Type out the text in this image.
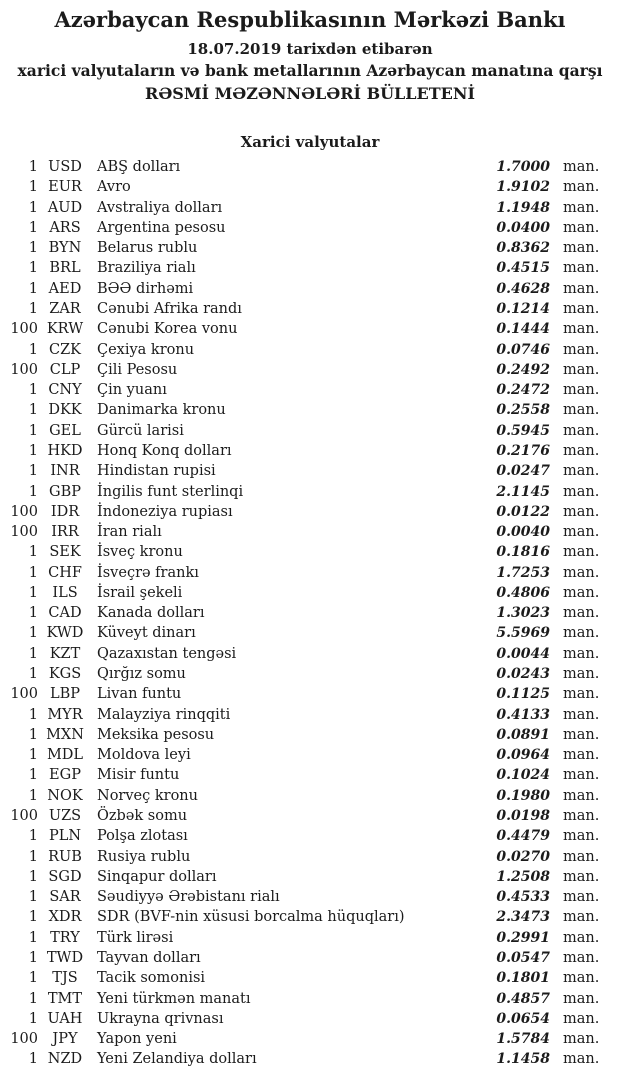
Azərbaycan Respublikasının Mərkəzi Bankı
18.07.2019 tarixdən etibarən
xarici valyutaların və bank metallarının Azərbaycan manatına qarşı
RƏSMİ MƏZƏNNƏLƏRİ BÜLLETENİ
Xarici valyutalar
1 USD	ABŞ dolları	1.7000 man.
1 EUR	Avro	1.9102 man.
1 AUD	Avstraliya dolları	1.1948 man.
1 ARS	Argentina pesosu	0.0400 man.
1 BYN	Belarus rublu	0.8362 man.
1 BRL	Braziliya rialı	0.4515 man.
1 AED	BƏƏ dirhəmi	0.4628 man.
1 ZAR	Cənubi Afrika randı	0.1214 man.
100 KRW Cənubi Korea vonu	0.1444 man.
1 CZK	Çexiya kronu	0.0746 man.
100 CLP	Çili Pesosu	0.2492 man.
1 CNY	Çin yuanı	0.2472 man.
1 DKK	Danimarka kronu	0.2558 man.
1 GEL	Gürcü larisi	0.5945 man.
1 HKD Honq Konq dolları	0.2176 man.
1 INR	Hindistan rupisi	0.0247 man.
1 GBP	İngilis funt sterlinqi	2.1145 man.
100 IDR	İndoneziya rupiası	0.0122 man.
100 IRR	İran rialı	0.0040 man.
1 SEK	İsveç kronu	0.1816 man.
1 CHF	İsveçrə frankı	1.7253 man.
1 ILS	İsrail şekeli	0.4806 man.
1 CAD	Kanada dolları	1.3023 man.
1 KWD Küveyt dinarı	5.5969 man.
1 KZT	Qazaxıstan tengəsi	0.0044 man.
1 KGS	Qırğız somu	0.0243 man.
100 LBP	Livan funtu	0.1125 man.
1 MYR Malayziya rinqqiti	0.4133 man.
1 MXN Meksika pesosu	0.0891 man.
1 MDL Moldova leyi	0.0964 man.
1 EGP	Misir funtu	0.1024 man.
1 NOK Norveç kronu	0.1980 man.
100 UZS	Özbək somu	0.0198 man.
1 PLN	Polşa zlotası	0.4479 man.
1 RUB	Rusiya rublu	0.0270 man.
1 SGD	Sinqapur dolları	1.2508 man.
1 SAR	Səudiyyə Ərəbistanı rialı	0.4533 man.
1 XDR	SDR (BVF-nin xüsusi borcalma hüquqları)	2.3473 man.
1 TRY	Türk lirəsi	0.2991 man.
1 TWD Tayvan dolları	0.0547 man.
1 TJS	Tacik somonisi	0.1801 man.
1 TMT	Yeni türkmən manatı	0.4857 man.
1 UAH	Ukrayna qrivnası	0.0654 man.
100 JPY	Yapon yeni	1.5784 man.
1 NZD	Yeni Zelandiya dolları	1.1458 man.
